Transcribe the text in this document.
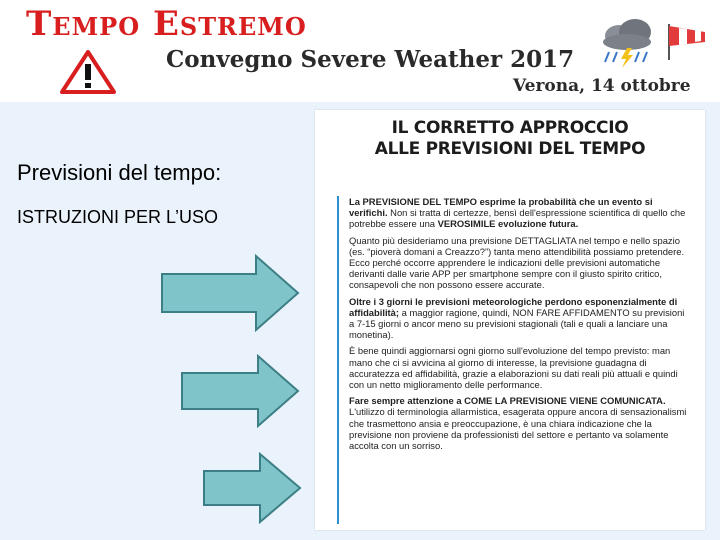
Tempo Estremo
Convegno Severe Weather 2017
Verona, 14 ottobre
Previsioni del tempo:
ISTRUZIONI PER L’USO
IL CORRETTO APPROCCIO
ALLE PREVISIONI DEL TEMPO

La PREVISIONE DEL TEMPO esprime la probabilità che un evento si verifichi. Non si tratta di certezze, bensì dell'espressione scientifica di quello che potrebbe essere una VEROSIMILE evoluzione futura.

Quanto più desideriamo una previsione DETTAGLIATA nel tempo e nello spazio (es. “pioverà domani a Creazzo?”) tanta meno attendibilità possiamo pretendere. Ecco perché occorre apprendere le indicazioni delle previsioni automatiche derivanti dalle varie APP per smartphone sempre con il giusto spirito critico, consapevoli che non possono essere accurate.

Oltre i 3 giorni le previsioni meteorologiche perdono esponenzialmente di affidabilità; a maggior ragione, quindi, NON FARE AFFIDAMENTO su previsioni a 7-15 giorni o ancor meno su previsioni stagionali (tali e quali a lanciare una monetina).

È bene quindi aggiornarsi ogni giorno sull'evoluzione del tempo previsto: man mano che ci si avvicina al giorno di interesse, la previsione guadagna di accuratezza ed affidabilità, grazie a elaborazioni su dati reali più attuali e quindi con un netto miglioramento delle performance.

Fare sempre attenzione a COME LA PREVISIONE VIENE COMUNICATA. L'utilizzo di terminologia allarmistica, esagerata oppure ancora di sensazionalismi che trasmettono ansia e preoccupazione, è una chiara indicazione che la previsione non proviene da professionisti del settore e pertanto va solamente accolta con un sorriso.
